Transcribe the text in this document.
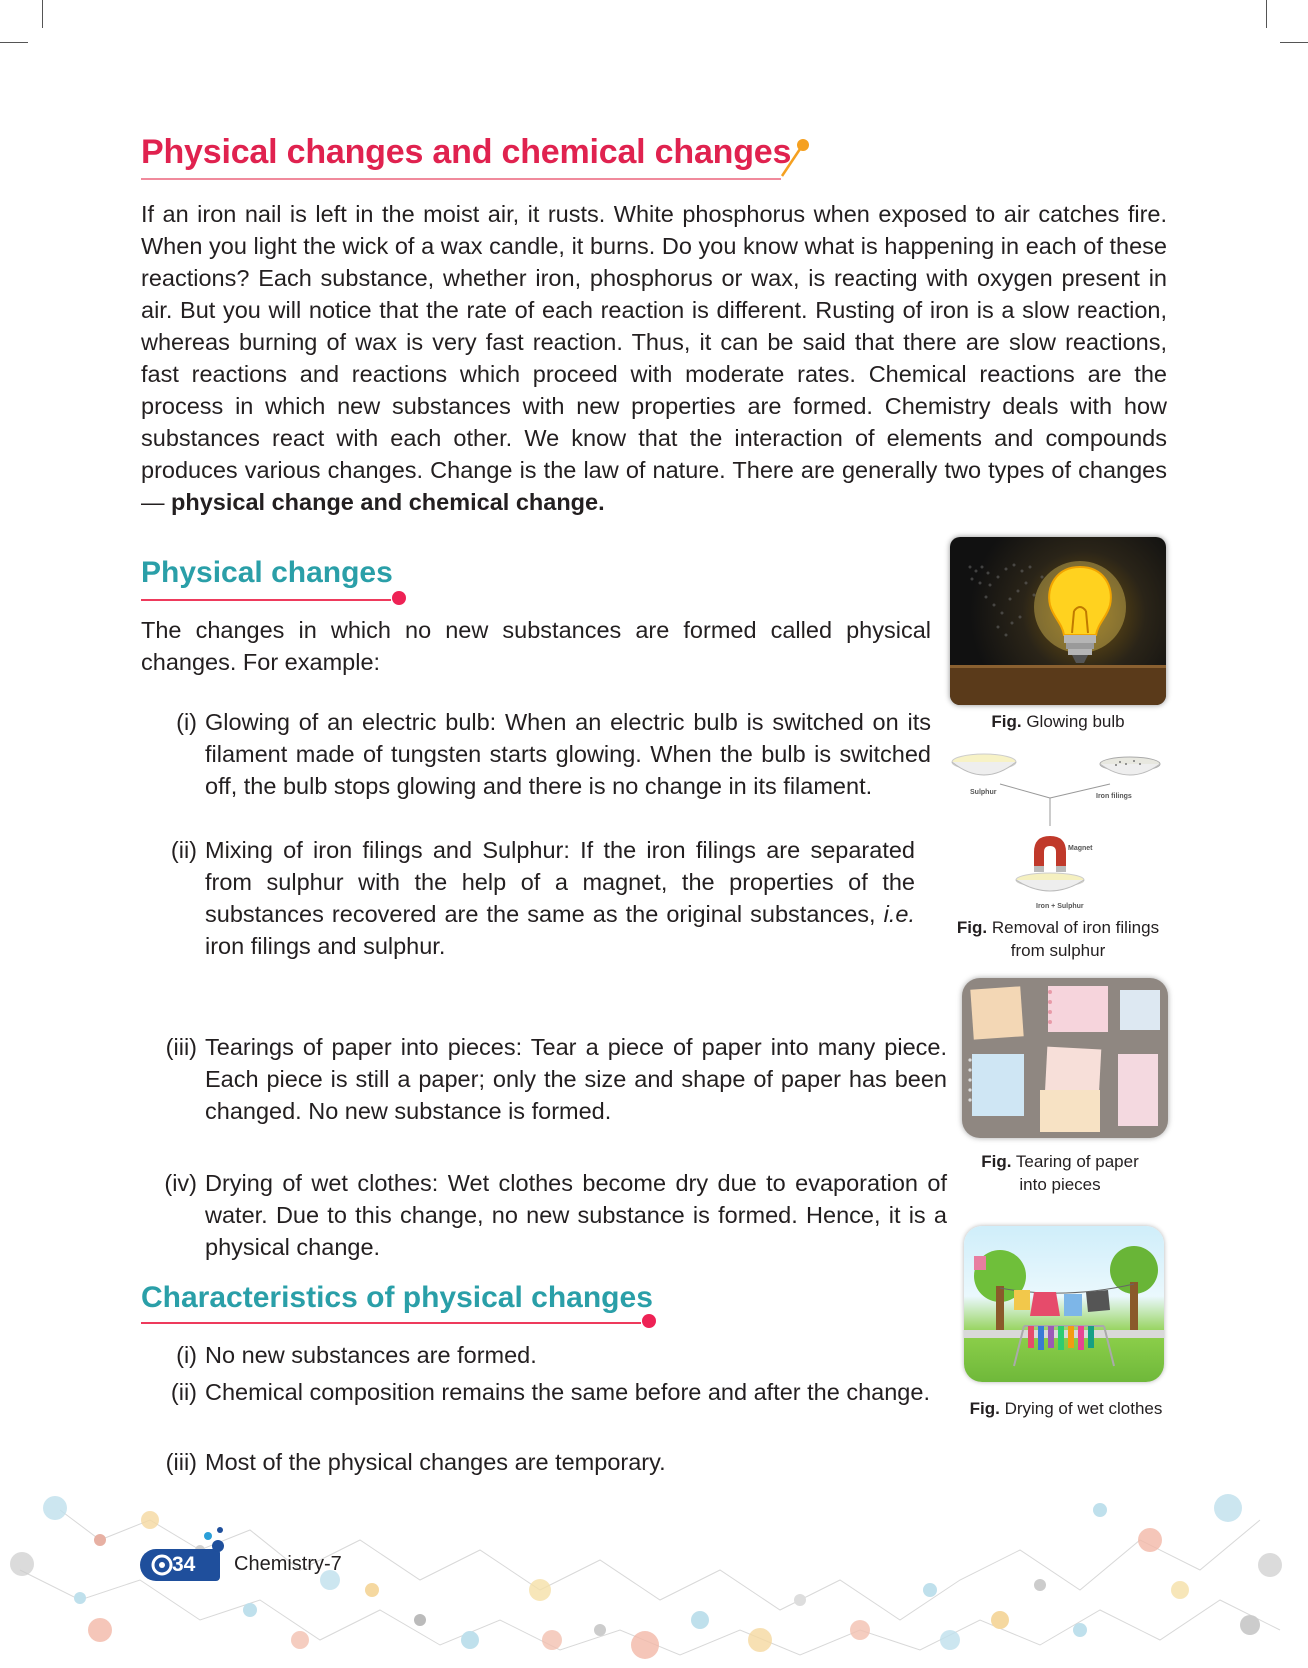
Physical changes and chemical changes

If an iron nail is left in the moist air, it rusts. White phosphorus when exposed to air catches fire. When you light the wick of a wax candle, it burns. Do you know what is happening in each of these reactions? Each substance, whether iron, phosphorus or wax, is reacting with oxygen present in air. But you will notice that the rate of each reaction is different. Rusting of iron is a slow reaction, whereas burning of wax is very fast reaction. Thus, it can be said that there are slow reactions, fast reactions and reactions which proceed with moderate rates. Chemical reactions are the process in which new substances with new properties are formed. Chemistry deals with how substances react with each other. We know that the interaction of elements and compounds produces various changes. Change is the law of nature. There are generally two types of changes— physical change and chemical change.

Physical changes

The changes in which no new substances are formed called physical changes. For example:

(i) Glowing of an electric bulb: When an electric bulb is switched on its filament made of tungsten starts glowing. When the bulb is switched off, the bulb stops glowing and there is no change in its filament.
(ii) Mixing of iron filings and Sulphur: If the iron filings are separated from sulphur with the help of a magnet, the properties of the substances recovered are the same as the original substances, i.e. iron filings and sulphur.
(iii) Tearings of paper into pieces: Tear a piece of paper into many piece. Each piece is still a paper; only the size and shape of paper has been changed. No new substance is formed.
(iv) Drying of wet clothes: Wet clothes become dry due to evaporation of water. Due to this change, no new substance is formed. Hence, it is a physical change.
Characteristics of physical changes
(i) No new substances are formed.
(ii) Chemical composition remains the same before and after the change.
(iii) Most of the physical changes are temporary.
Fig. Glowing bulb
Sulphur
Iron filings
Magnet
Iron + Sulphur
Fig. Removal of iron filings
from sulphur
Fig. Tearing of paper
into pieces
Fig. Drying of wet clothes
34 Chemistry-7
